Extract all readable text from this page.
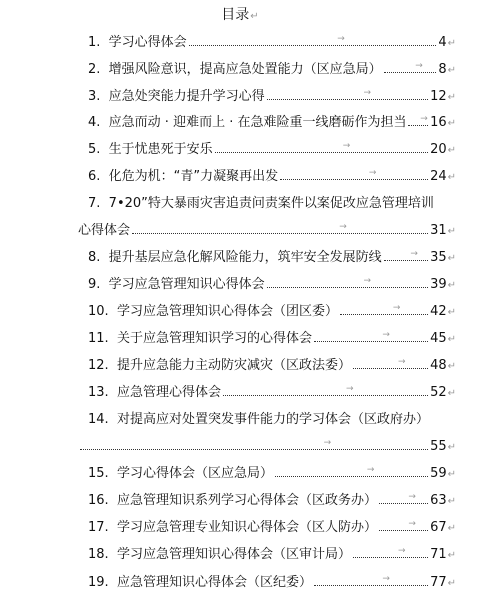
目录↵
1. 学习心得体会	→	4 ↵
2. 增强风险意识，提高应急处置能力（区应急局）	→ 8 ↵
3. 应急处突能力提升学习心得	→	12 ↵
4. 应急而动 · 迎难而上 · 在急难险重一线磨砺作为担当 → 16 ↵
5. 生于忧患死于安乐	→	20 ↵
6. 化危为机：“青”力凝聚再出发	→	24 ↵
7. 7•20”特大暴雨灾害追责问责案件以案促改应急管理培训
心得体会	→	31 ↵
8. 提升基层应急化解风险能力，筑牢安全发展防线	→ 35 ↵
9. 学习应急管理知识心得体会	→	39 ↵
10. 学习应急管理知识心得体会（团区委）	→ 42 ↵
11. 关于应急管理知识学习的心得体会	→	45 ↵
12. 提升应急能力主动防灾减灾（区政法委）	→ 48 ↵
13. 应急管理心得体会	→	52 ↵
14. 对提高应对处置突发事件能力的学习体会（区政府办）
→	55 ↵
15. 学习心得体会（区应急局）	→	59 ↵
16. 应急管理知识系列学习心得体会（区政务办）	→ 63 ↵
17. 学习应急管理专业知识心得体会（区人防办）	→ 67 ↵
18. 学习应急管理知识心得体会（区审计局）	→ 71 ↵
19. 应急管理知识心得体会（区纪委）	→	77 ↵
